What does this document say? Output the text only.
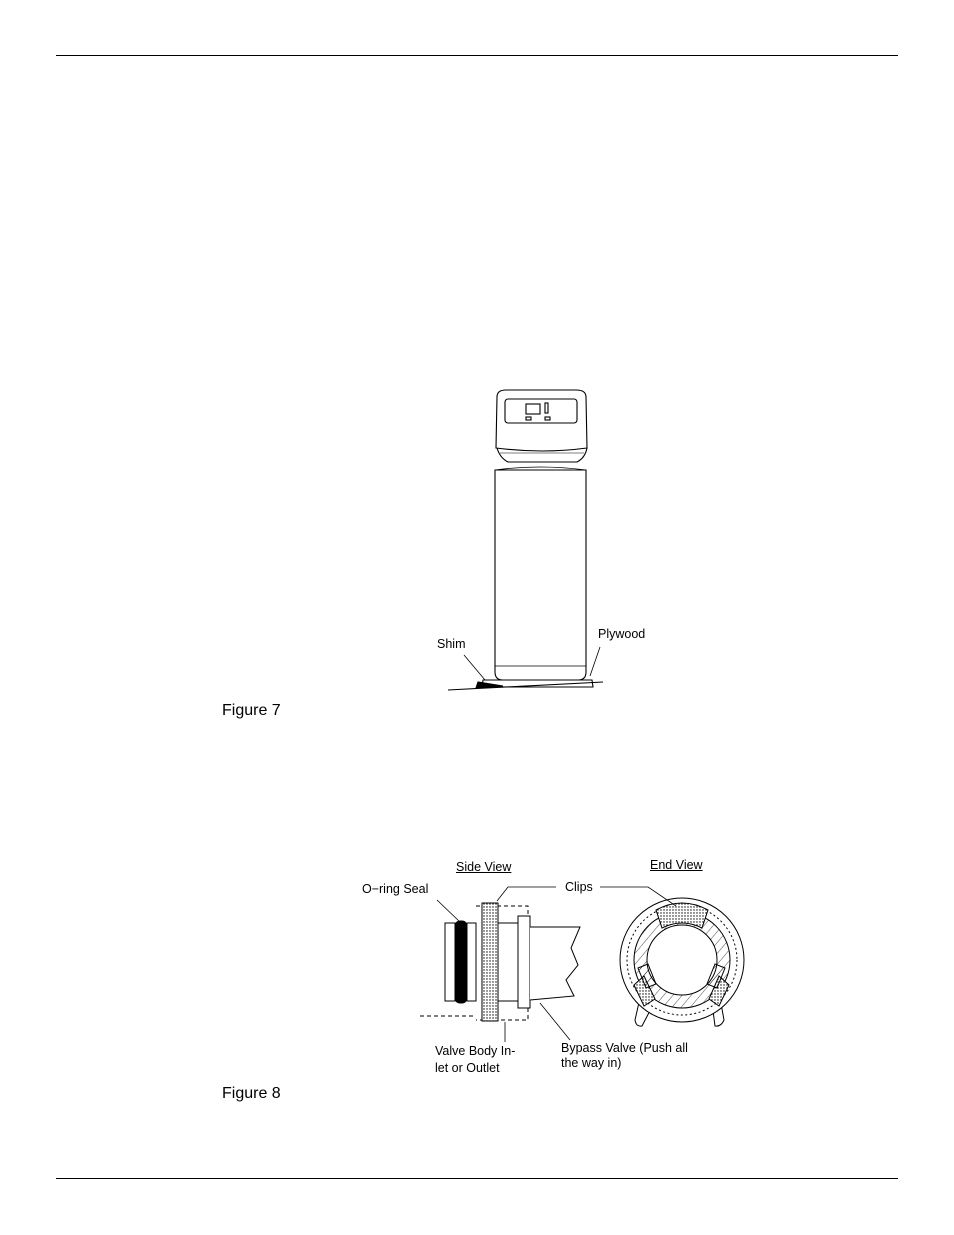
Shim
Plywood
Figure 7
Side View	End View
O−ring Seal	Clips
Valve Body In-
let or Outlet
Bypass Valve (Push all
the way in)
Figure 8
